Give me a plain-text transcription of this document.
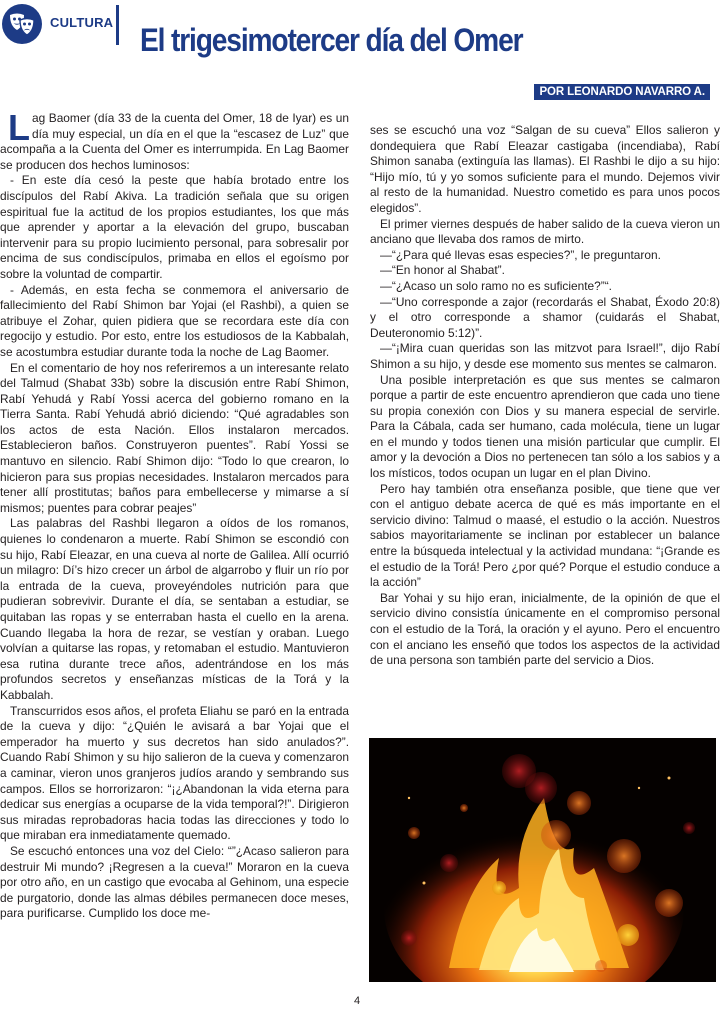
CULTURA El trigesimotercer día del Omer
POR LEONARDO NAVARRO A.

Lag Baomer (día 33 de la cuenta del Omer, 18 de Iyar) es un día muy especial, un día en el que la “escasez de Luz” que acompaña a la Cuenta del Omer es interrumpida. En Lag Baomer se producen dos hechos luminosos:

- En este día cesó la peste que había brotado entre los discípulos del Rabí Akiva. La tradición señala que su origen espiritual fue la actitud de los propios estudiantes, los que más que aprender y aportar a la elevación del grupo, buscaban intervenir para su propio lucimiento personal, para sobresalir por encima de sus condiscípulos, primaba en ellos el egoísmo por sobre la voluntad de compartir.

- Además, en esta fecha se conmemora el aniversario de fallecimiento del Rabí Shimon bar Yojai (el Rashbi), a quien se atribuye el Zohar, quien pidiera que se recordara este día con regocijo y estudio. Por esto, entre los estudiosos de la Kabbalah, se acostumbra estudiar durante toda la noche de Lag Baomer.

En el comentario de hoy nos referiremos a un interesante relato del Talmud (Shabat 33b) sobre la discusión entre Rabí Shimon, Rabí Yehudá y Rabí Yossi acerca del gobierno romano en la Tierra Santa. Rabí Yehudá abrió diciendo: “Qué agradables son los actos de esta Nación. Ellos instalaron mercados. Establecieron baños. Construyeron puentes”. Rabí Yossi se mantuvo en silencio. Rabí Shimon dijo: “Todo lo que crearon, lo hicieron para sus propias necesidades. Instalaron mercados para tener allí prostitutas; baños para embellecerse y mimarse a sí mismos; puentes para cobrar peajes”

Las palabras del Rashbi llegaron a oídos de los romanos, quienes lo condenaron a muerte. Rabí Shimon se escondió con su hijo, Rabí Eleazar, en una cueva al norte de Galilea. Allí ocurrió un milagro: Dí’s hizo crecer un árbol de algarrobo y fluir un río por la entrada de la cueva, proveyéndoles nutrición para que pudieran sobrevivir. Durante el día, se sentaban a estudiar, se quitaban las ropas y se enterraban hasta el cuello en la arena. Cuando llegaba la hora de rezar, se vestían y oraban. Luego volvían a quitarse las ropas, y retomaban el estudio. Mantuvieron esa rutina durante trece años, adentrándose en los más profundos secretos y enseñanzas místicas de la Torá y la Kabbalah.

Transcurridos esos años, el profeta Eliahu se paró en la entrada de la cueva y dijo: “¿Quién le avisará a bar Yojai que el emperador ha muerto y sus decretos han sido anulados?”. Cuando Rabí Shimon y su hijo salieron de la cueva y comenzaron a caminar, vieron unos granjeros judíos arando y sembrando sus campos. Ellos se horrorizaron: “¡¿Abandonan la vida eterna para dedicar sus energías a ocuparse de la vida temporal?!”. Dirigieron sus miradas reprobadoras hacia todas las direcciones y todo lo que miraban era inmediatamente quemado.

Se escuchó entonces una voz del Cielo: “”¿Acaso salieron para destruir Mi mundo? ¡Regresen a la cueva!” Moraron en la cueva por otro año, en un castigo que evocaba al Gehinom, una especie de purgatorio, donde las almas débiles permanecen doce meses, para purificarse. Cumplido los doce me-

ses se escuchó una voz “Salgan de su cueva” Ellos salieron y dondequiera que Rabí Eleazar castigaba (incendiaba), Rabí Shimon sanaba (extinguía las llamas). El Rashbi le dijo a su hijo: “Hijo mío, tú y yo somos suficiente para el mundo. Dejemos vivir al resto de la humanidad. Nuestro cometido es para unos pocos elegidos”.

El primer viernes después de haber salido de la cueva vieron un anciano que llevaba dos ramos de mirto.

—“¿Para qué llevas esas especies?”, le preguntaron.

—“En honor al Shabat”.

—“¿Acaso un solo ramo no es suficiente?”“.

—“Uno corresponde a zajor (recordarás el Shabat, Éxodo 20:8) y el otro corresponde a shamor (cuidarás el Shabat, Deuteronomio 5:12)”.

—“¡Mira cuan queridas son las mitzvot para Israel!”, dijo Rabí Shimon a su hijo, y desde ese momento sus mentes se calmaron.

Una posible interpretación es que sus mentes se calmaron porque a partir de este encuentro aprendieron que cada uno tiene su propia conexión con Dios y su manera especial de servirle. Para la Cábala, cada ser humano, cada molécula, tiene un lugar en el mundo y todos tienen una misión particular que cumplir. El amor y la devoción a Dios no pertenecen tan sólo a los sabios y a los místicos, todos ocupan un lugar en el plan Divino.

Pero hay también otra enseñanza posible, que tiene que ver con el antiguo debate acerca de qué es más importante en el servicio divino: Talmud o maasé, el estudio o la acción. Nuestros sabios mayoritariamente se inclinan por establecer un balance entre la búsqueda intelectual y la actividad mundana: “¡Grande es el estudio de la Torá! Pero ¿por qué? Porque el estudio conduce a la acción”

Bar Yohai y su hijo eran, inicialmente, de la opinión de que el servicio divino consistía únicamente en el compromiso personal con el estudio de la Torá, la oración y el ayuno. Pero el encuentro con el anciano les enseñó que todos los aspectos de la actividad de una persona son también parte del servicio a Dios.

4
